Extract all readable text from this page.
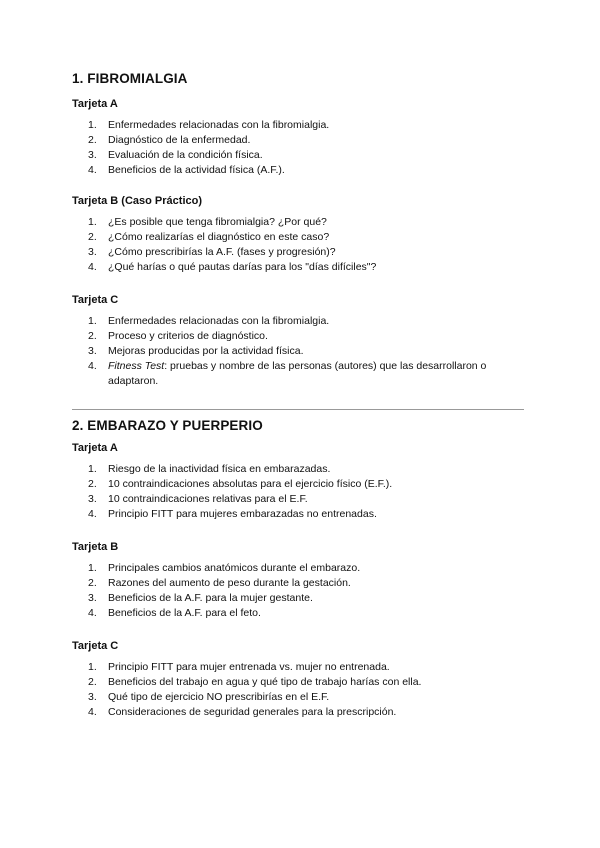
1. FIBROMIALGIA
Tarjeta A
1. Enfermedades relacionadas con la fibromialgia.
2. Diagnóstico de la enfermedad.
3. Evaluación de la condición física.
4. Beneficios de la actividad física (A.F.).
Tarjeta B (Caso Práctico)
1. ¿Es posible que tenga fibromialgia? ¿Por qué?
2. ¿Cómo realizarías el diagnóstico en este caso?
3. ¿Cómo prescribirías la A.F. (fases y progresión)?
4. ¿Qué harías o qué pautas darías para los "días difíciles"?
Tarjeta C
1. Enfermedades relacionadas con la fibromialgia.
2. Proceso y criterios de diagnóstico.
3. Mejoras producidas por la actividad física.
4. Fitness Test: pruebas y nombre de las personas (autores) que las desarrollaron o adaptaron.
2. EMBARAZO Y PUERPERIO
Tarjeta A
1. Riesgo de la inactividad física en embarazadas.
2. 10 contraindicaciones absolutas para el ejercicio físico (E.F.).
3. 10 contraindicaciones relativas para el E.F.
4. Principio FITT para mujeres embarazadas no entrenadas.
Tarjeta B
1. Principales cambios anatómicos durante el embarazo.
2. Razones del aumento de peso durante la gestación.
3. Beneficios de la A.F. para la mujer gestante.
4. Beneficios de la A.F. para el feto.
Tarjeta C
1. Principio FITT para mujer entrenada vs. mujer no entrenada.
2. Beneficios del trabajo en agua y qué tipo de trabajo harías con ella.
3. Qué tipo de ejercicio NO prescribirías en el E.F.
4. Consideraciones de seguridad generales para la prescripción.
